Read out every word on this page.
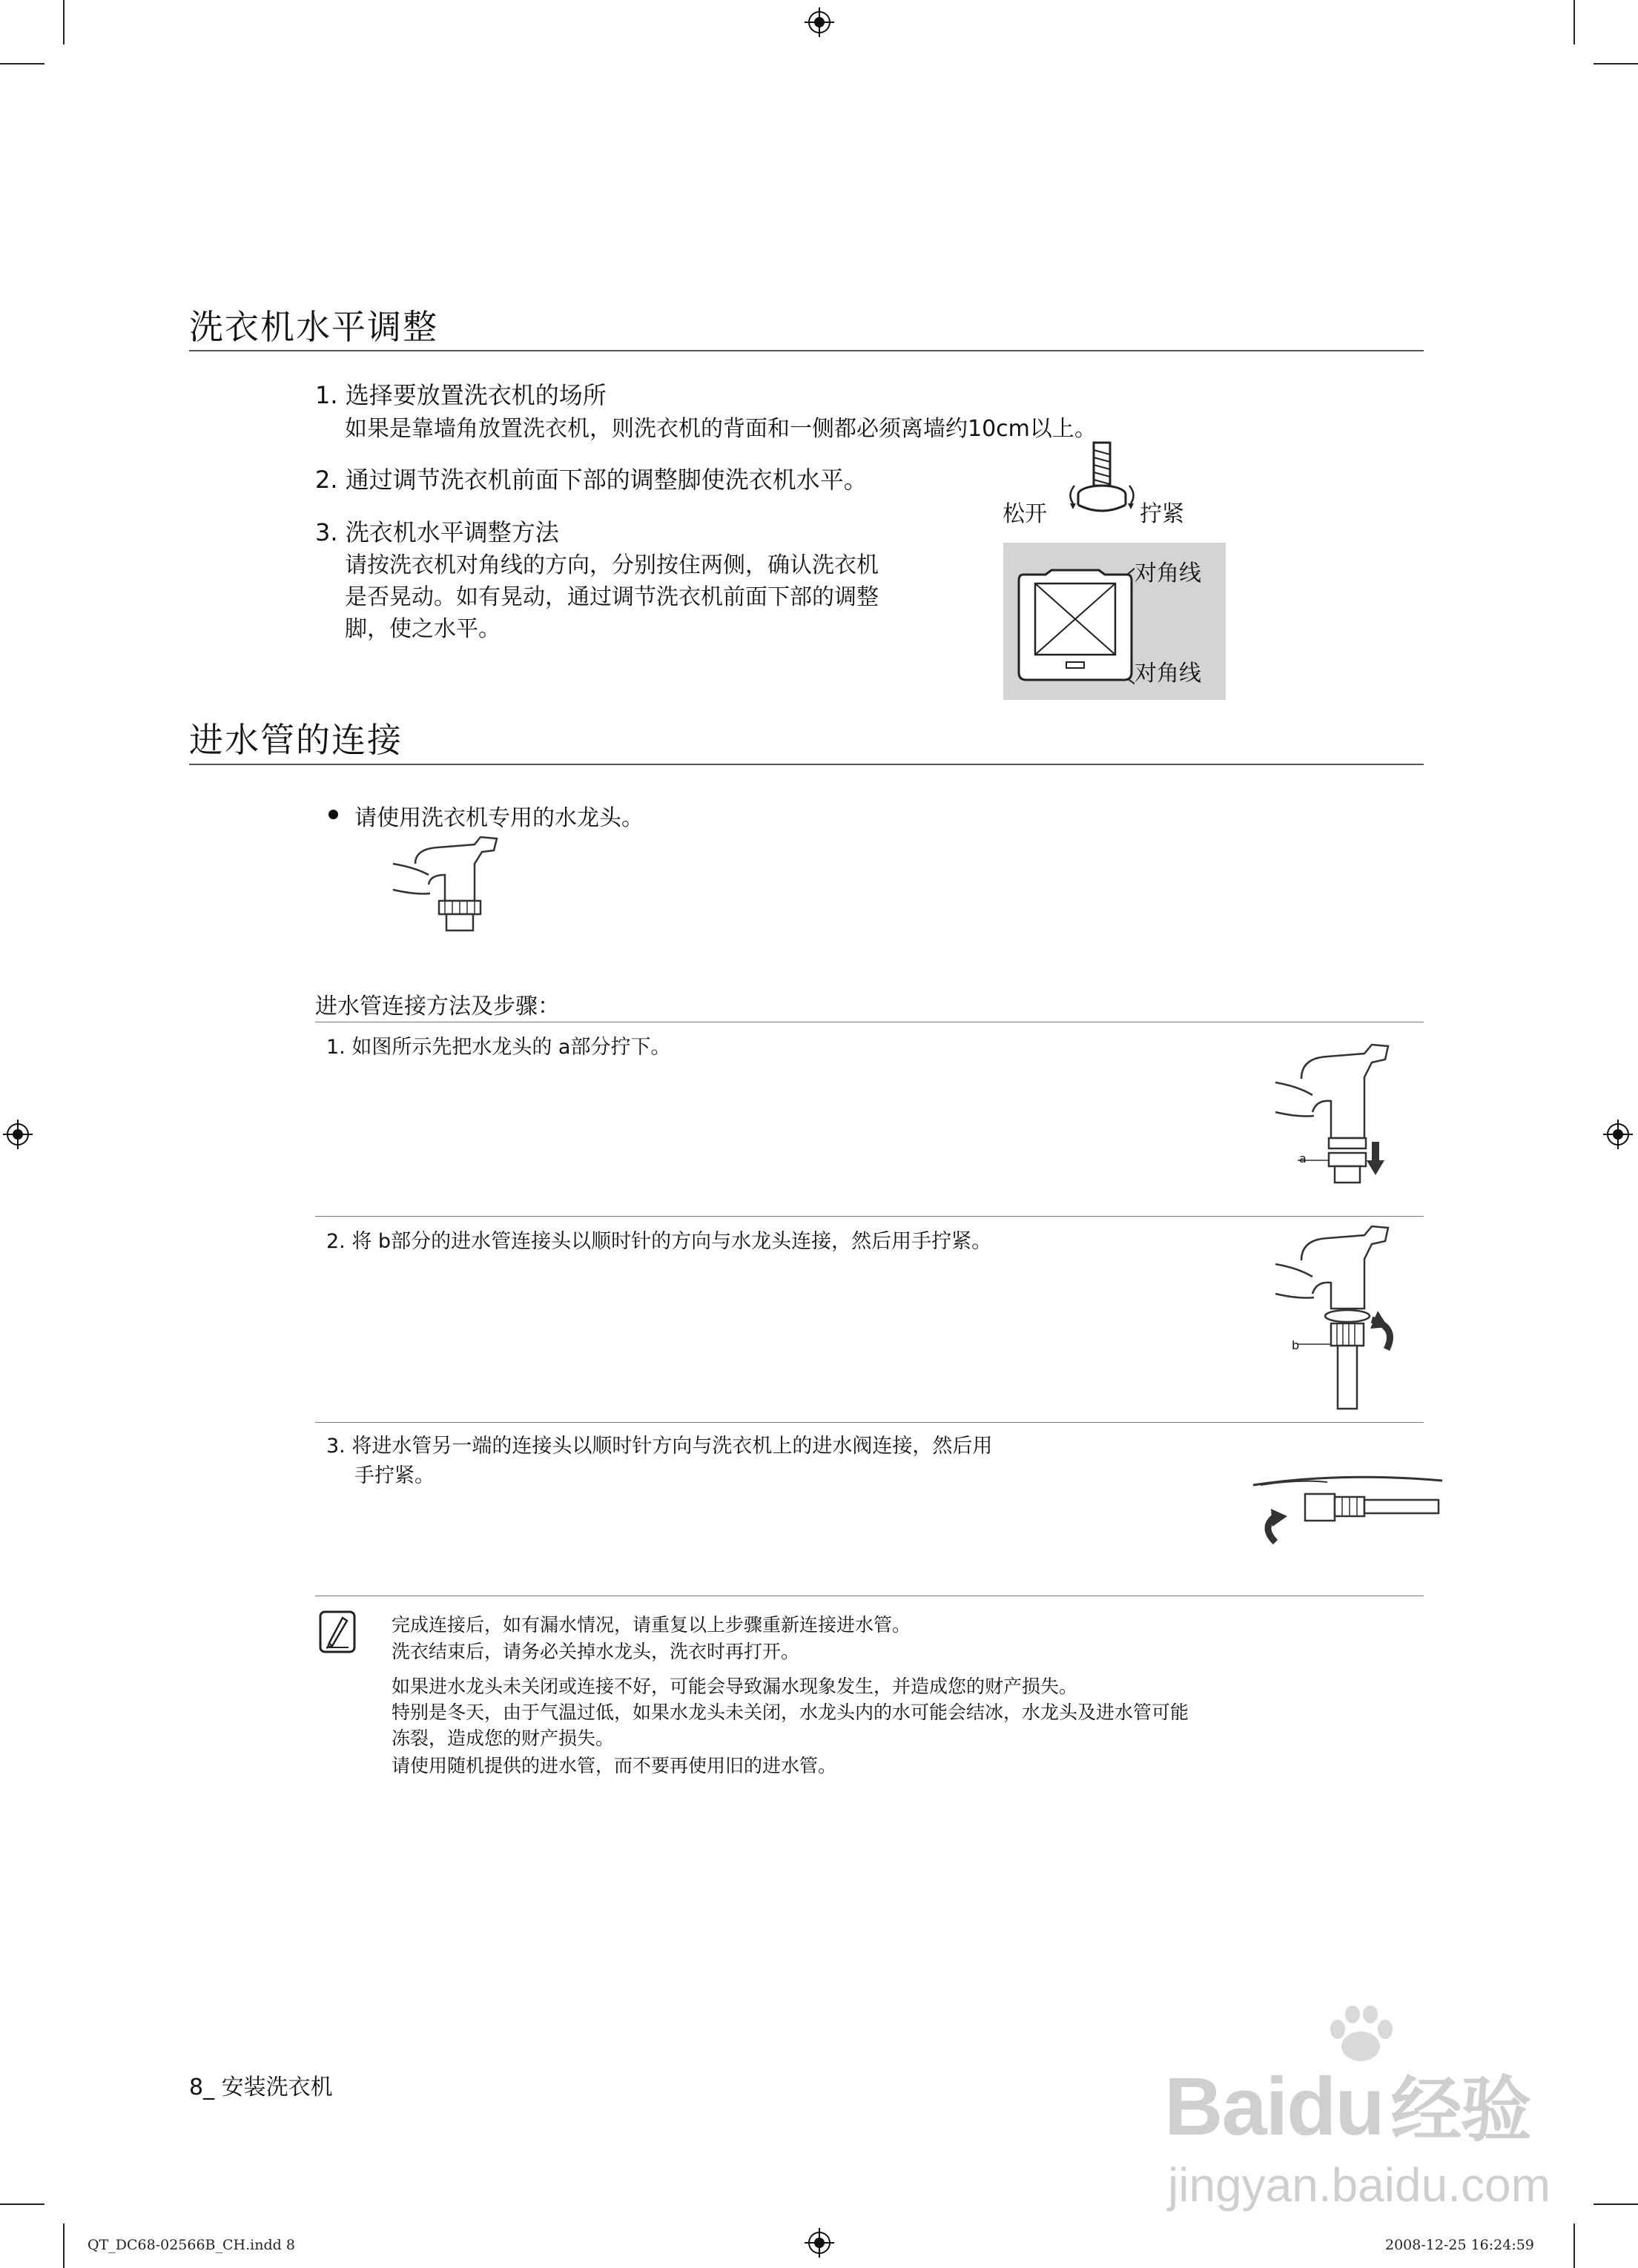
洗衣机水平调整
1. 选择要放置洗衣机的场所
如果是靠墙角放置洗衣机，则洗衣机的背面和一侧都必须离墙约10cm以上。
2. 通过调节洗衣机前面下部的调整脚使洗衣机水平。
3. 洗衣机水平调整方法
请按洗衣机对角线的方向，分别按住两侧，确认洗衣机
是否晃动。如有晃动，通过调节洗衣机前面下部的调整
脚，使之水平。
松开	拧紧
对角线
对角线
进水管的连接
请使用洗衣机专用的水龙头。
进水管连接方法及步骤：
1. 如图所示先把水龙头的 a部分拧下。
a
2. 将 b部分的进水管连接头以顺时针的方向与水龙头连接，然后用手拧紧。
b
3. 将进水管另一端的连接头以顺时针方向与洗衣机上的进水阀连接，然后用
手拧紧。
完成连接后，如有漏水情况，请重复以上步骤重新连接进水管。
洗衣结束后，请务必关掉水龙头，洗衣时再打开。
如果进水龙头未关闭或连接不好，可能会导致漏水现象发生，并造成您的财产损失。
特别是冬天，由于气温过低，如果水龙头未关闭，水龙头内的水可能会结冰，水龙头及进水管可能
冻裂，造成您的财产损失。
请使用随机提供的进水管，而不要再使用旧的进水管。
8_ 安装洗衣机
QT_DC68-02566B_CH.indd 8	2008-12-25 16:24:59
Baidu 经验
jingyan.baidu.com
